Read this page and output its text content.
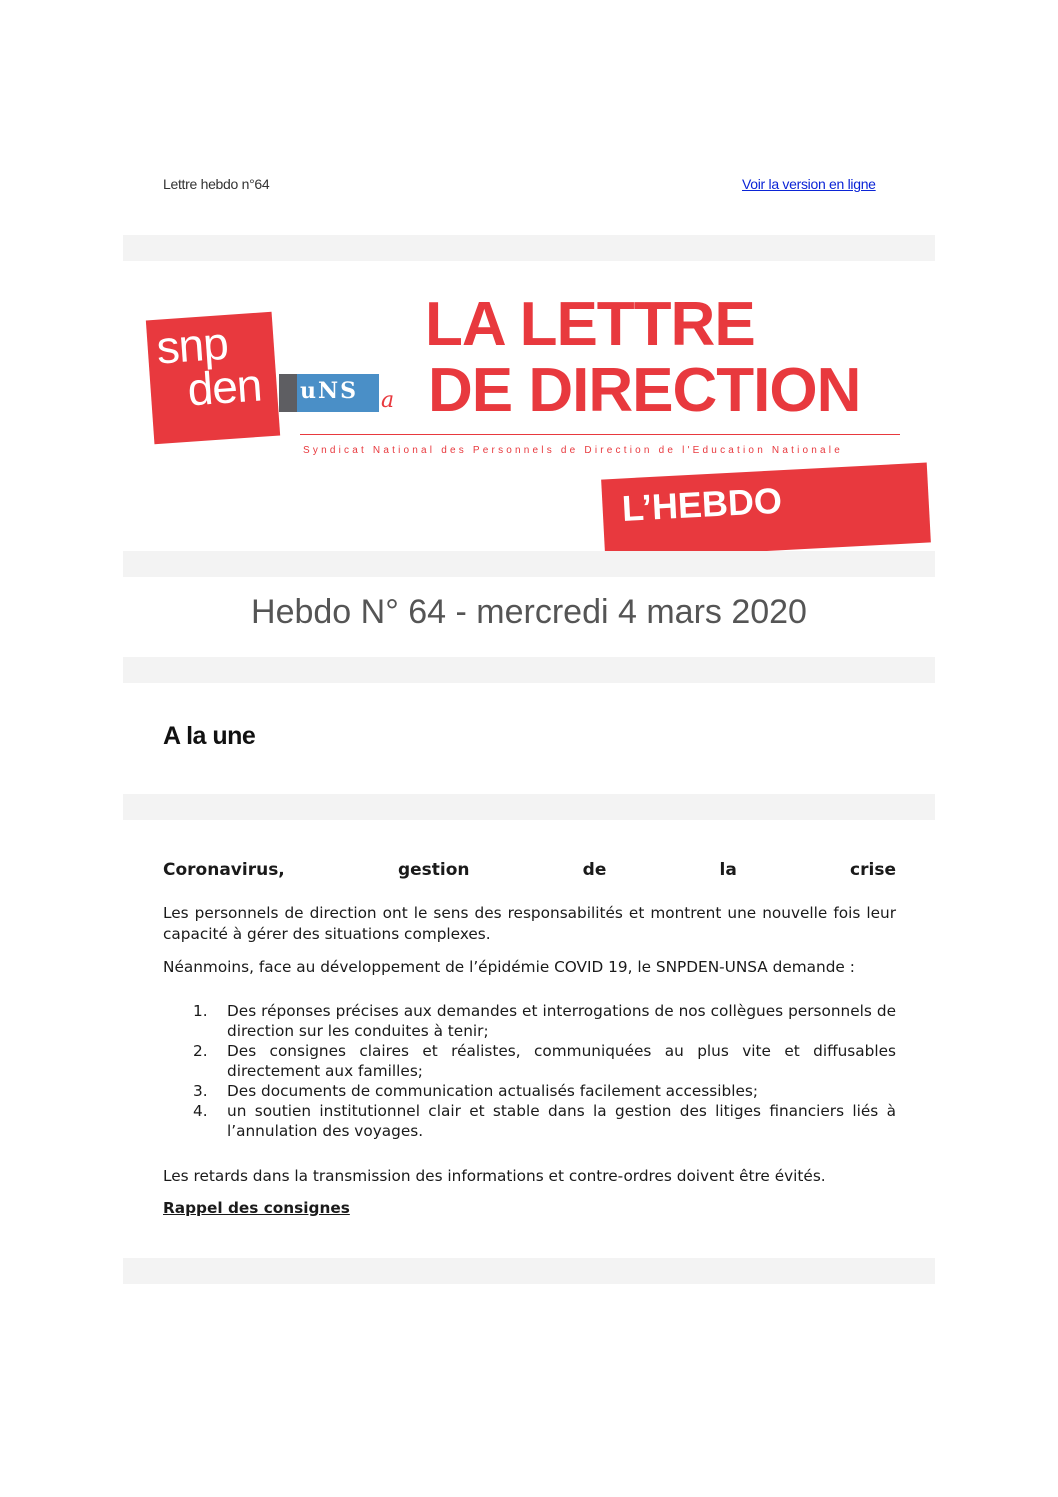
Lettre hebdo n°64	Voir la version en ligne
snp
den uNS a
LA LETTRE
DE DIRECTION
Syndicat National des Personnels de Direction de l'Education Nationale
L’HEBDO
Hebdo N° 64 - mercredi 4 mars 2020
A la une
Coronavirus,	gestion	de	la	crise
Les personnels de direction ont le sens des responsabilités et montrent une nouvelle fois leur capacité à gérer des situations complexes.
Néanmoins, face au développement de l’épidémie COVID 19, le SNPDEN-UNSA demande :
1.	Des réponses précises aux demandes et interrogations de nos collègues personnels de direction sur les conduites à tenir;
2.	Des consignes claires et réalistes, communiquées au plus vite et diffusables directement aux familles;
3.	Des documents de communication actualisés facilement accessibles;
4.	un soutien institutionnel clair et stable dans la gestion des litiges financiers liés à l’annulation des voyages.
Les retards dans la transmission des informations et contre-ordres doivent être évités.
Rappel des consignes
